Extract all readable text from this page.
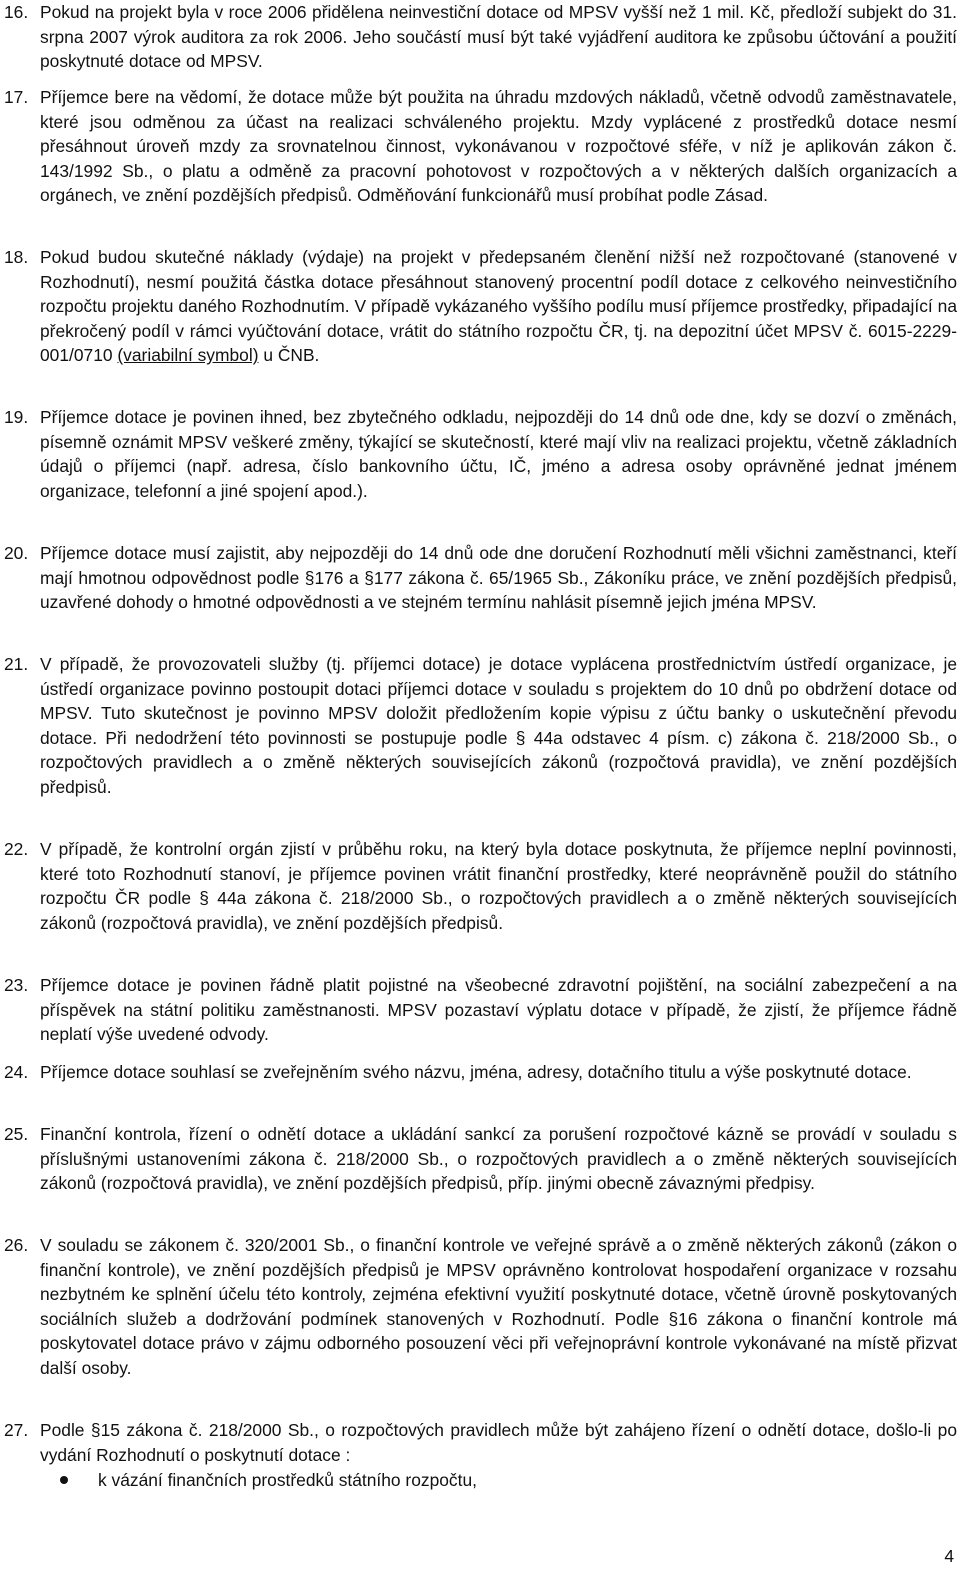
16. Pokud na projekt byla v roce 2006 přidělena neinvestiční dotace od MPSV vyšší než 1 mil. Kč, předloží subjekt do 31. srpna 2007 výrok auditora za rok 2006. Jeho součástí musí být také vyjádření auditora ke způsobu účtování a použití poskytnuté dotace od MPSV.
17. Příjemce bere na vědomí, že dotace může být použita na úhradu mzdových nákladů, včetně odvodů zaměstnavatele, které jsou odměnou za účast na realizaci schváleného projektu. Mzdy vyplácené z prostředků dotace nesmí přesáhnout úroveň mzdy za srovnatelnou činnost, vykonávanou v rozpočtové sféře, v níž je aplikován zákon č. 143/1992 Sb., o platu a odměně za pracovní pohotovost v rozpočtových a v některých dalších organizacích a orgánech, ve znění pozdějších předpisů. Odměňování funkcionářů musí probíhat podle Zásad.
18. Pokud budou skutečné náklady (výdaje) na projekt v předepsaném členění nižší než rozpočtované (stanovené v Rozhodnutí), nesmí použitá částka dotace přesáhnout stanovený procentní podíl dotace z celkového neinvestičního rozpočtu projektu daného Rozhodnutím. V případě vykázaného vyššího podílu musí příjemce prostředky, připadající na překročený podíl v rámci vyúčtování dotace, vrátit do státního rozpočtu ČR, tj. na depozitní účet MPSV č. 6015-2229-001/0710 (variabilní symbol) u ČNB.
19. Příjemce dotace je povinen ihned, bez zbytečného odkladu, nejpozději do 14 dnů ode dne, kdy se dozví o změnách, písemně oznámit MPSV veškeré změny, týkající se skutečností, které mají vliv na realizaci projektu, včetně základních údajů o příjemci (např. adresa, číslo bankovního účtu, IČ, jméno a adresa osoby oprávněné jednat jménem organizace, telefonní a jiné spojení apod.).
20. Příjemce dotace musí zajistit, aby nejpozději do 14 dnů ode dne doručení Rozhodnutí měli všichni zaměstnanci, kteří mají hmotnou odpovědnost podle §176 a §177 zákona č. 65/1965 Sb., Zákoníku práce, ve znění pozdějších předpisů, uzavřené dohody o hmotné odpovědnosti a ve stejném termínu nahlásit písemně jejich jména MPSV.
21. V případě, že provozovateli služby (tj. příjemci dotace) je dotace vyplácena prostřednictvím ústředí organizace, je ústředí organizace povinno postoupit dotaci příjemci dotace v souladu s projektem do 10 dnů po obdržení dotace od MPSV. Tuto skutečnost je povinno MPSV doložit předložením kopie výpisu z účtu banky o uskutečnění převodu dotace. Při nedodržení této povinnosti se postupuje podle § 44a odstavec 4 písm. c) zákona č. 218/2000 Sb., o rozpočtových pravidlech a o změně některých souvisejících zákonů (rozpočtová pravidla), ve znění pozdějších předpisů.
22. V případě, že kontrolní orgán zjistí v průběhu roku, na který byla dotace poskytnuta, že příjemce neplní povinnosti, které toto Rozhodnutí stanoví, je příjemce povinen vrátit finanční prostředky, které neoprávněně použil do státního rozpočtu ČR podle § 44a zákona č. 218/2000 Sb., o rozpočtových pravidlech a o změně některých souvisejících zákonů (rozpočtová pravidla), ve znění pozdějších předpisů.
23. Příjemce dotace je povinen řádně platit pojistné na všeobecné zdravotní pojištění, na sociální zabezpečení a na příspěvek na státní politiku zaměstnanosti. MPSV pozastaví výplatu dotace v případě, že zjistí, že příjemce řádně neplatí výše uvedené odvody.
24. Příjemce dotace souhlasí se zveřejněním svého názvu, jména, adresy, dotačního titulu a výše poskytnuté dotace.
25. Finanční kontrola, řízení o odnětí dotace a ukládání sankcí za porušení rozpočtové kázně se provádí v souladu s příslušnými ustanoveními zákona č. 218/2000 Sb., o rozpočtových pravidlech a o změně některých souvisejících zákonů (rozpočtová pravidla), ve znění pozdějších předpisů, příp. jinými obecně závaznými předpisy.
26. V souladu se zákonem č. 320/2001 Sb., o finanční kontrole ve veřejné správě a o změně některých zákonů (zákon o finanční kontrole), ve znění pozdějších předpisů je MPSV oprávněno kontrolovat hospodaření organizace v rozsahu nezbytném ke splnění účelu této kontroly, zejména efektivní využití poskytnuté dotace, včetně úrovně poskytovaných sociálních služeb a dodržování podmínek stanovených v Rozhodnutí. Podle §16 zákona o finanční kontrole má poskytovatel dotace právo v zájmu odborného posouzení věci při veřejnoprávní kontrole vykonávané na místě přizvat další osoby.
27. Podle §15 zákona č. 218/2000 Sb., o rozpočtových pravidlech může být zahájeno řízení o odnětí dotace, došlo-li po vydání Rozhodnutí o poskytnutí dotace :
k vázání finančních prostředků státního rozpočtu,
4
